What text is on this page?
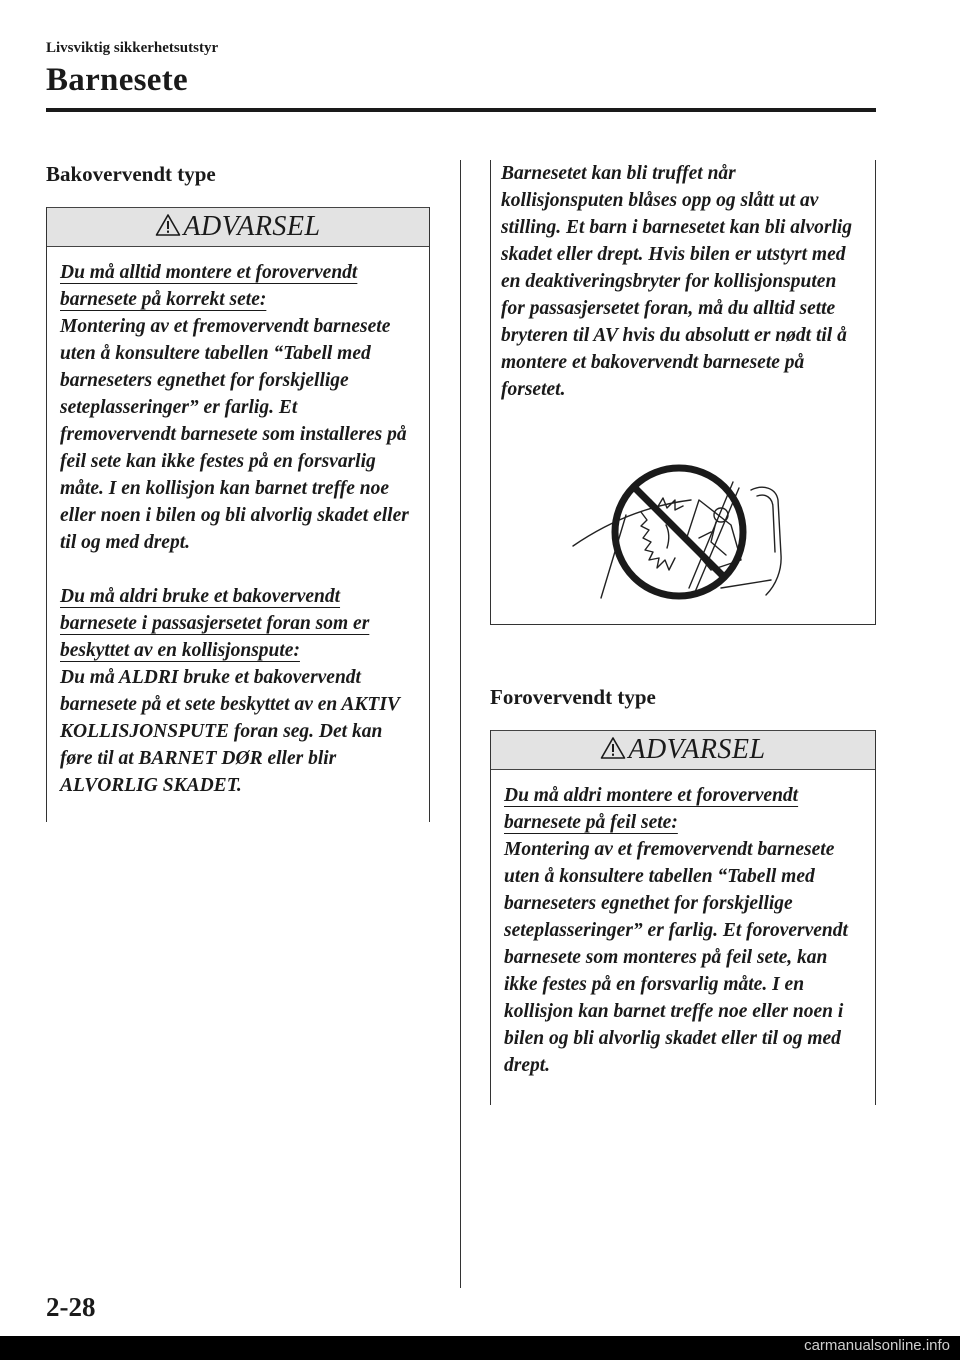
Livsviktig sikkerhetsutstyr
Barnesete
Bakovervendt type
ADVARSEL

Du må alltid montere et forovervendt barnesete på korrekt sete:

Montering av et fremovervendt barnesete uten å konsultere tabellen “Tabell med barneseters egnethet for forskjellige seteplasseringer” er farlig. Et fremovervendt barnesete som installeres på feil sete kan ikke festes på en forsvarlig måte. I en kollisjon kan barnet treffe noe eller noen i bilen og bli alvorlig skadet eller til og med drept.

Du må aldri bruke et bakovervendt barnesete i passasjersetet foran som er beskyttet av en kollisjonspute:

Du må ALDRI bruke et bakovervendt barnesete på et sete beskyttet av en AKTIV KOLLISJONSPUTE foran seg. Det kan føre til at BARNET DØR eller blir ALVORLIG SKADET.

Barnesetet kan bli truffet når kollisjonsputen blåses opp og slått ut av stilling. Et barn i barnesetet kan bli alvorlig skadet eller drept. Hvis bilen er utstyrt med en deaktiveringsbryter for kollisjonsputen for passasjersetet foran, må du alltid sette bryteren til AV hvis du absolutt er nødt til å montere et bakovervendt barnesete på forsetet.

Forovervendt type
ADVARSEL

Du må aldri montere et forovervendt barnesete på feil sete:

Montering av et fremovervendt barnesete uten å konsultere tabellen “Tabell med barneseters egnethet for forskjellige seteplasseringer” er farlig. Et forovervendt barnesete som monteres på feil sete, kan ikke festes på en forsvarlig måte. I en kollisjon kan barnet treffe noe eller noen i bilen og bli alvorlig skadet eller til og med drept.

2-28
carmanualsonline.info
